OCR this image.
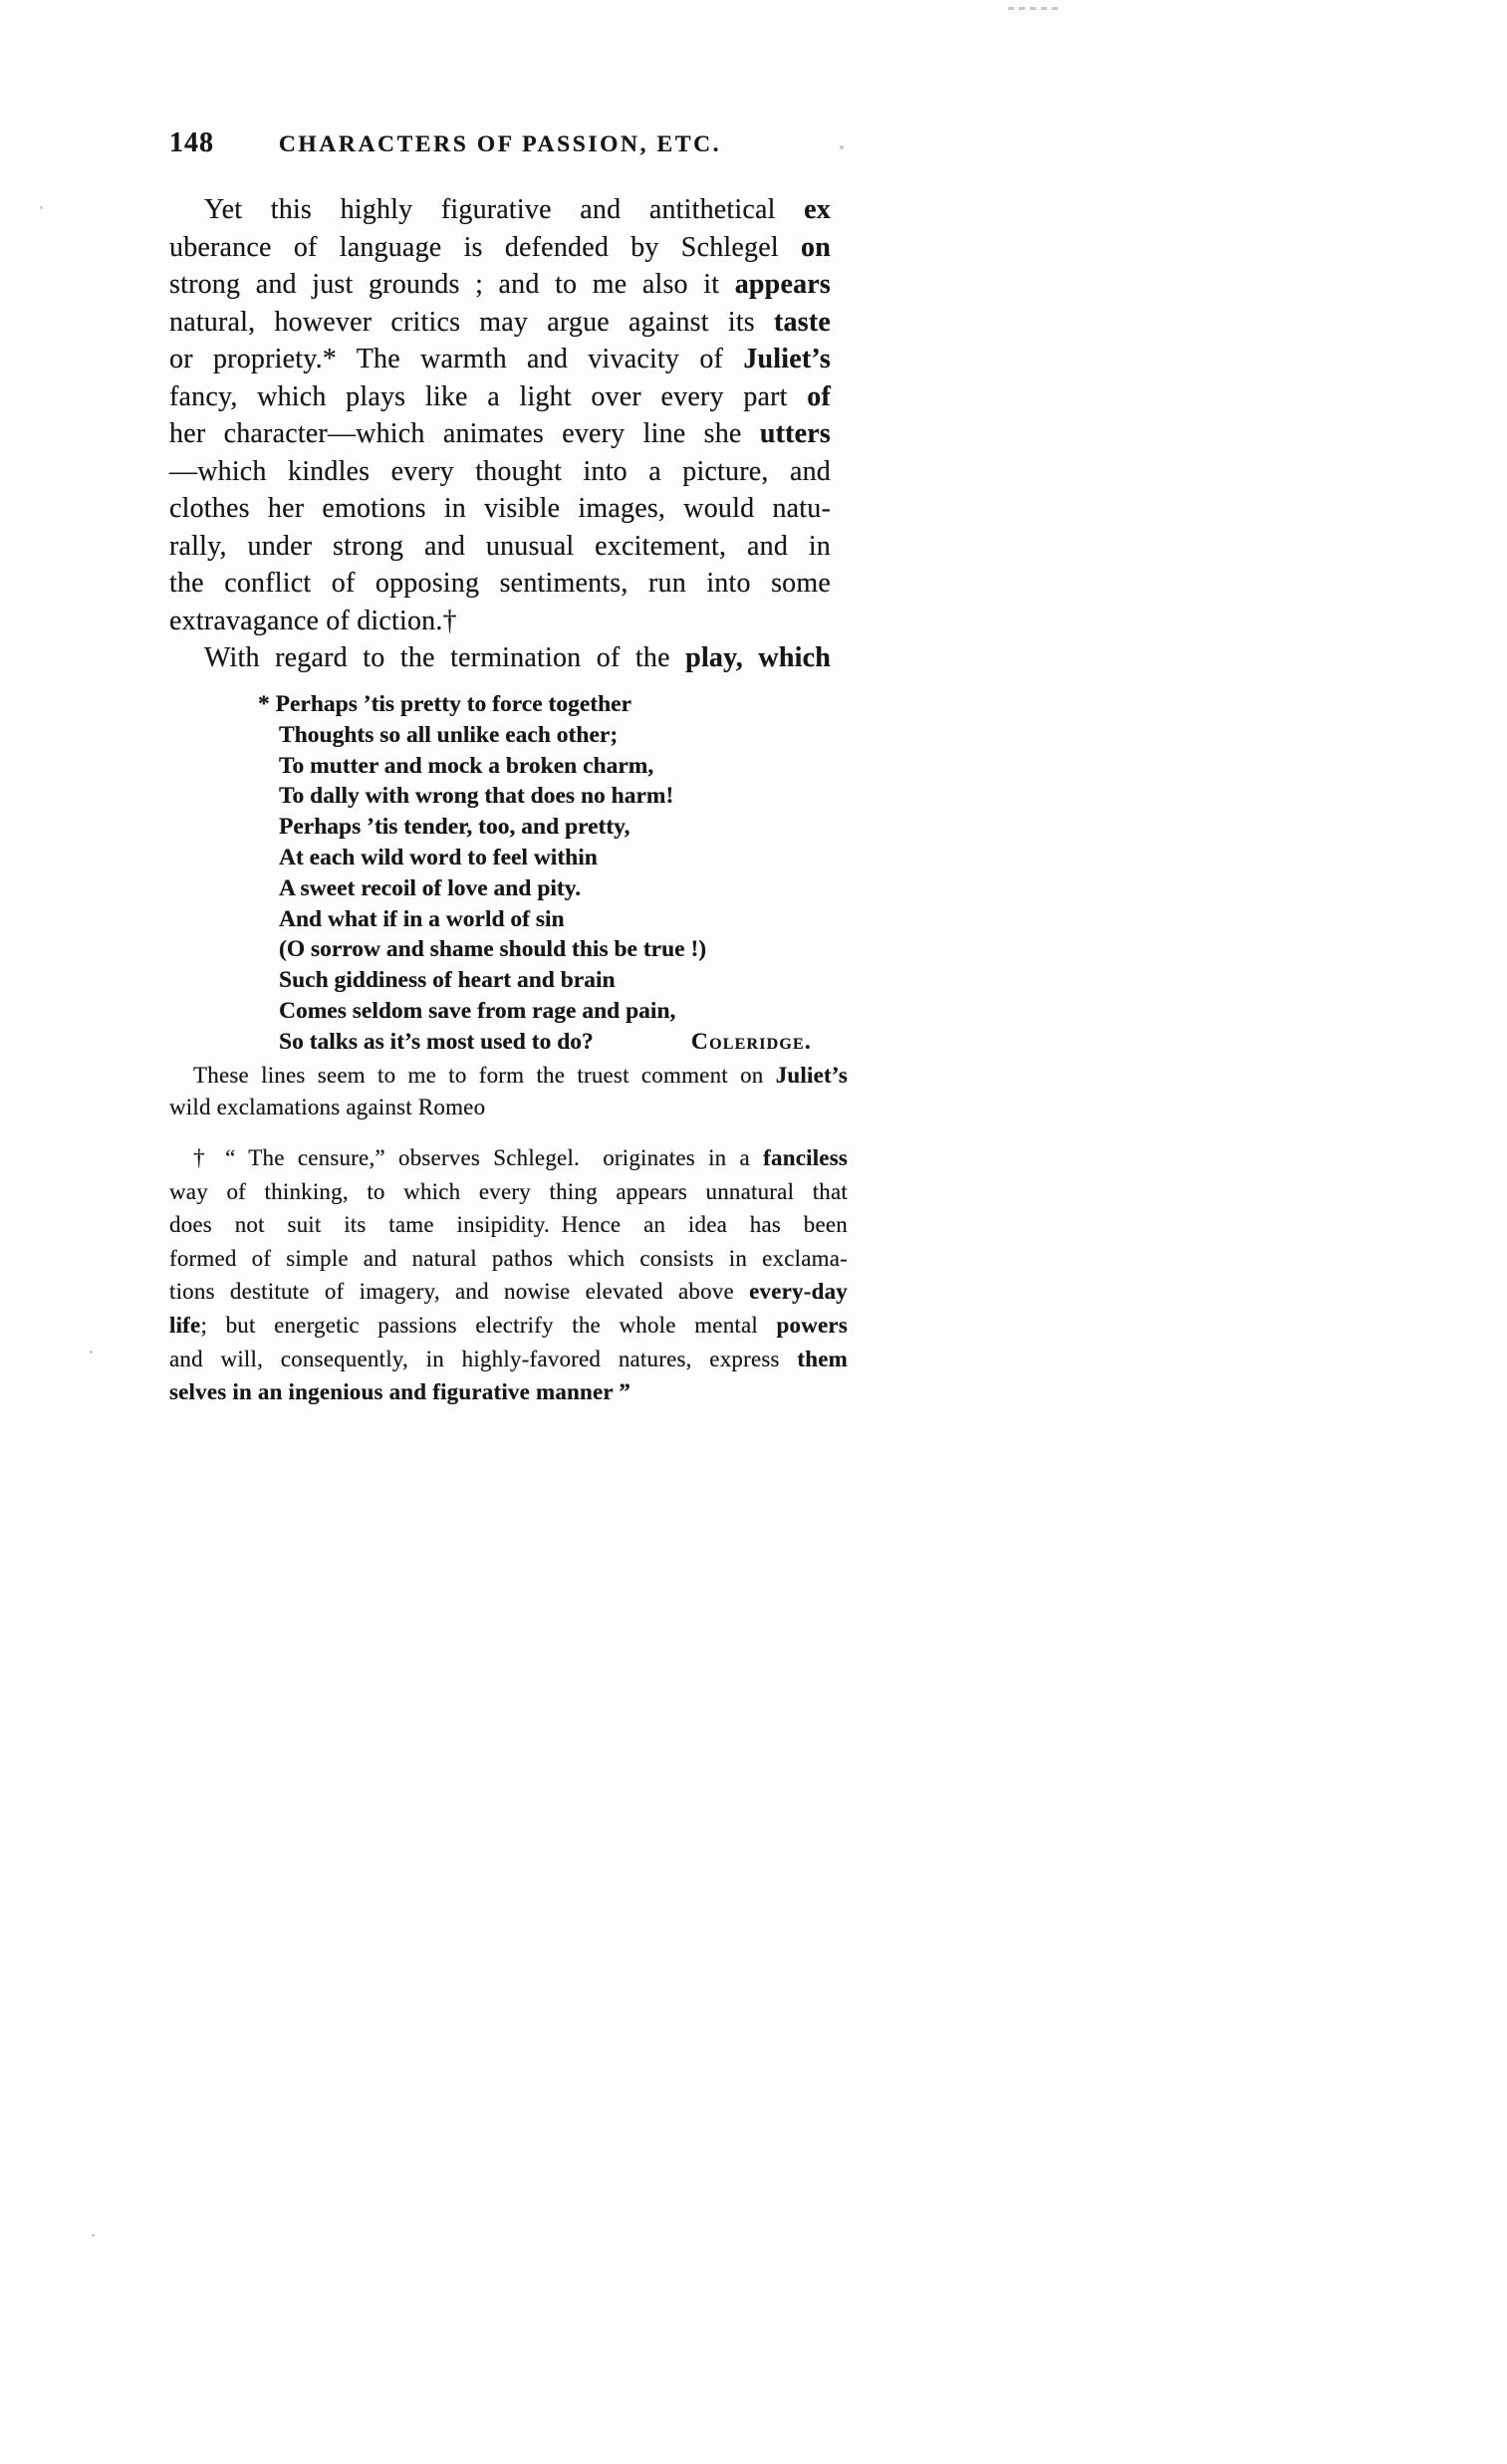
148	CHARACTERS OF PASSION, ETC.
Yet this highly figurative and antithetical ex
uberance of language is defended by Schlegel on
strong and just grounds ; and to me also it appears
natural, however critics may argue against its taste
or propriety.* The warmth and vivacity of Juliet’s
fancy, which plays like a light over every part of
her character—which animates every line she utters
—which kindles every thought into a picture, and
clothes her emotions in visible images, would natu-
rally, under strong and unusual excitement, and in
the conflict of opposing sentiments, run into some
extravagance of diction.†
With regard to the termination of the play, which
* Perhaps ’tis pretty to force together
Thoughts so all unlike each other;
To mutter and mock a broken charm,
To dally with wrong that does no harm!
Perhaps ’tis tender, too, and pretty,
At each wild word to feel within
A sweet recoil of love and pity.
And what if in a world of sin
(O sorrow and shame should this be true !)
Such giddiness of heart and brain
Comes seldom save from rage and pain,
So talks as it’s most used to do?	Coleridge.
These lines seem to me to form the truest comment on Juliet’s
wild exclamations against Romeo
† “ The censure,” observes Schlegel. originates in a fanciless
way of thinking, to which every thing appears unnatural that
does not suit its tame insipidity. Hence an idea has been
formed of simple and natural pathos which consists in exclama-
tions destitute of imagery, and nowise elevated above every-day
life; but energetic passions electrify the whole mental powers
and will, consequently, in highly-favored natures, express them
selves in an ingenious and figurative manner ”
